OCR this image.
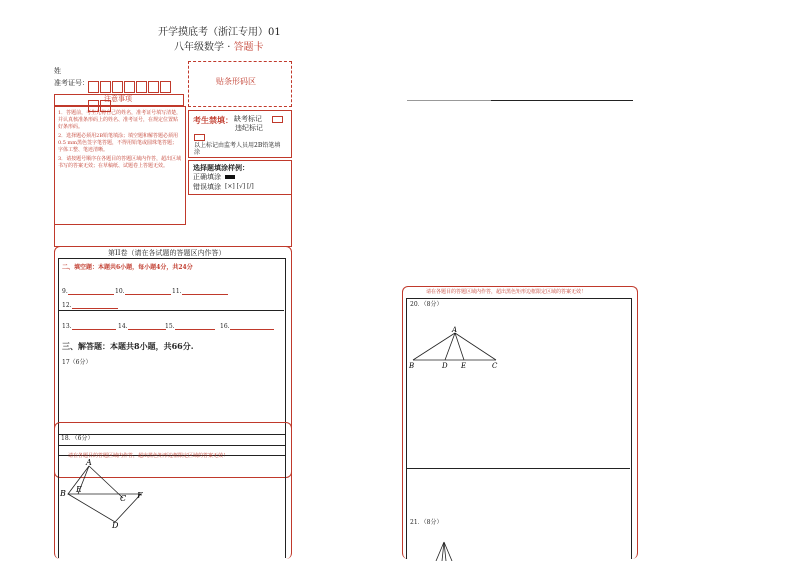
开学摸底考（浙江专用）01
八年级数学 · 答题卡
姓
准考证号：	贴条形码区
注意事项
1．答题前，考生先将自己的姓名，准考证号填写清楚，并认真核准条形码上的姓名、准考证号，在规定位置贴好条形码。
2．选择题必须用2B铅笔填涂；填空题和解答题必须用0.5 mm黑色签字笔答题，不得用铅笔或圆珠笔答题；字体工整、笔迹清晰。
3．请按题号顺序在各题目的答题区域内作答，超出区域书写的答案无效；在草稿纸、试题卷上答题无效。
考生禁填： 缺考标记
违纪标记
以上标记由监考人员用2B铅笔填涂
选择题填涂样例：
正确填涂
错误填涂 [×] [√] [/]
第II卷（请在各试题的答题区内作答）
二、填空题：本题共6小题，每小题4分，共24分
9.	10.	11.
12.
13.	14.	15.	16.
三、解答题：本题共8小题，共66分.
17（6分）
18．（6分）
请在各题目的答题区域内作答，超出黑色矩形边框限定区域的答案无效！
A
B E
C F
D
请在各题目的答题区域内作答，超出黑色矩形边框限定区域的答案无效！
20．（8分）
21．（8分）
A
B	D E	C
